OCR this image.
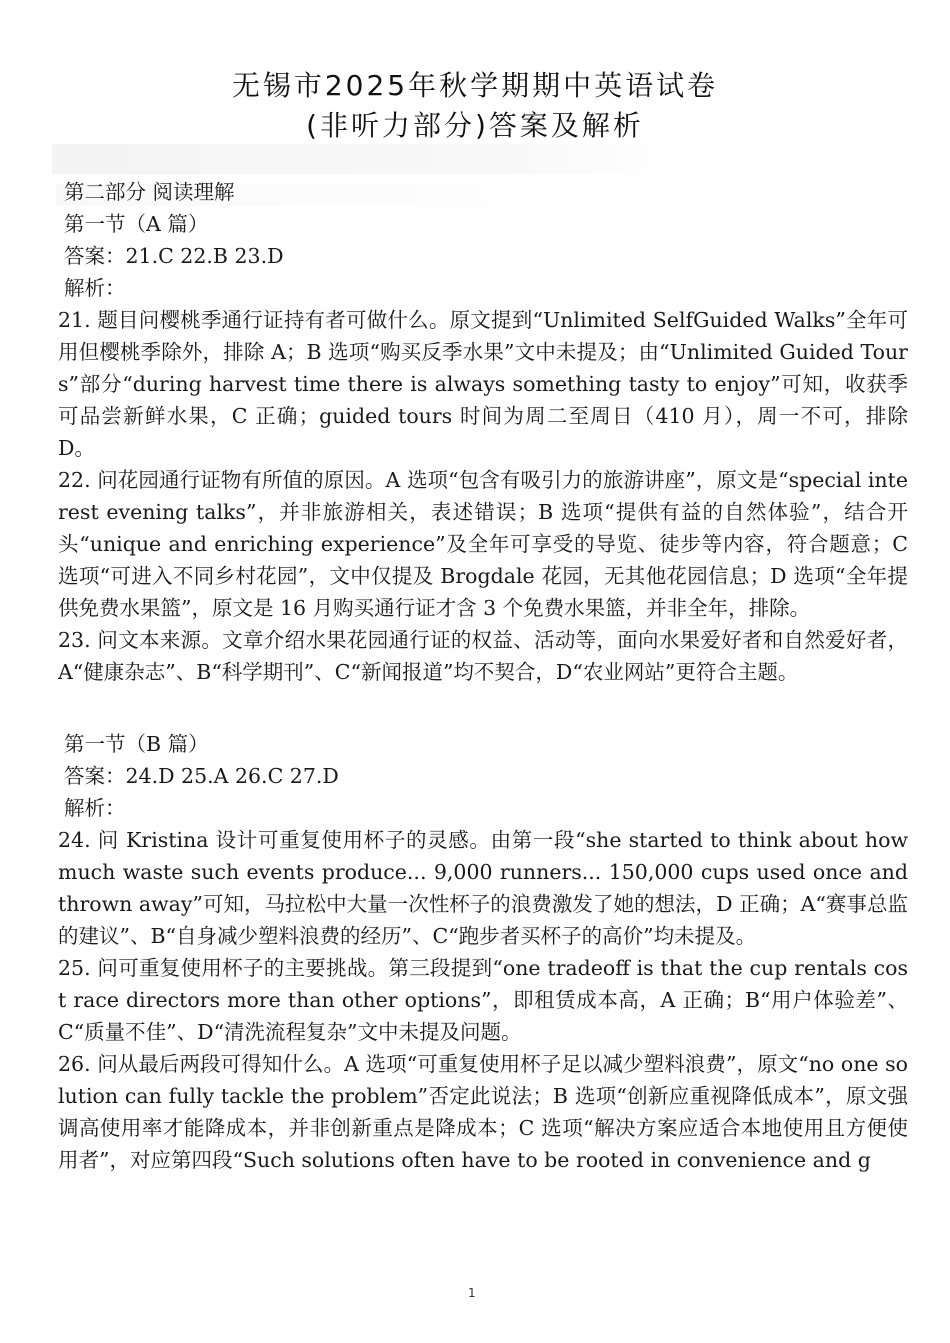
无锡市2025年秋学期期中英语试卷
(非听力部分)答案及解析

第二部分 阅读理解

第一节（A 篇）

答案：21.C 22.B 23.D

解析：

21. 题目问樱桃季通行证持有者可做什么。原文提到“Unlimited SelfGuided Walks”全年可用但樱桃季除外，排除 A；B 选项“购买反季水果”文中未提及；由“Unlimited Guided Tours”部分“during harvest time there is always something tasty to enjoy”可知，收获季可品尝新鲜水果，C 正确；guided tours 时间为周二至周日（410 月），周一不可，排除 D。

22. 问花园通行证物有所值的原因。A 选项“包含有吸引力的旅游讲座”，原文是“special interest evening talks”，并非旅游相关，表述错误；B 选项“提供有益的自然体验”，结合开头“unique and enriching experience”及全年可享受的导览、徒步等内容，符合题意；C 选项“可进入不同乡村花园”，文中仅提及 Brogdale 花园，无其他花园信息；D 选项“全年提供免费水果篮”，原文是 16 月购买通行证才含 3 个免费水果篮，并非全年，排除。

23. 问文本来源。文章介绍水果花园通行证的权益、活动等，面向水果爱好者和自然爱好者，A“健康杂志”、B“科学期刊”、C“新闻报道”均不契合，D“农业网站”更符合主题。

第一节（B 篇）

答案：24.D 25.A 26.C 27.D

解析：

24. 问 Kristina 设计可重复使用杯子的灵感。由第一段“she started to think about how much waste such events produce... 9,000 runners... 150,000 cups used once and thrown away”可知，马拉松中大量一次性杯子的浪费激发了她的想法，D 正确；A“赛事总监的建议”、B“自身减少塑料浪费的经历”、C“跑步者买杯子的高价”均未提及。

25. 问可重复使用杯子的主要挑战。第三段提到“one tradeoff is that the cup rentals cost race directors more than other options”，即租赁成本高，A 正确；B“用户体验差”、C“质量不佳”、D“清洗流程复杂”文中未提及问题。

26. 问从最后两段可得知什么。A 选项“可重复使用杯子足以减少塑料浪费”，原文“no one solution can fully tackle the problem”否定此说法；B 选项“创新应重视降低成本”，原文强调高使用率才能降成本，并非创新重点是降成本；C 选项“解决方案应适合本地使用且方便使用者”，对应第四段“Such solutions often have to be rooted in convenience and g

1
